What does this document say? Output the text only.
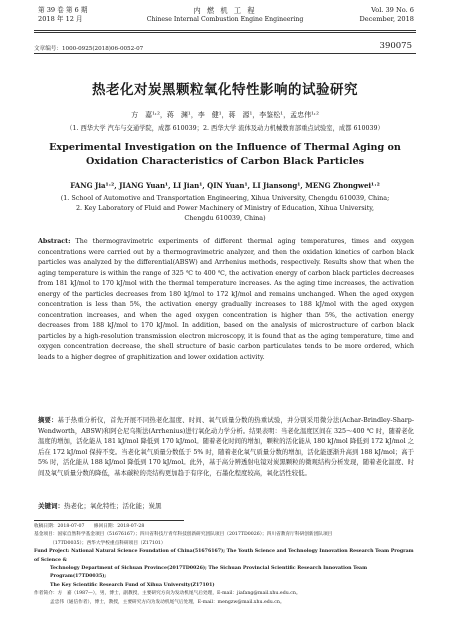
第 39 卷 第 6 期
2018 年 12 月
内 燃 机 工 程
Chinese Internal Combustion Engine Engineering
Vol. 39 No. 6
December, 2018
文章编号：1000-0925(2018)06-0052-07	390075
热老化对炭黑颗粒氧化特性影响的试验研究
方　嘉¹˒²，蒋　渊¹，李　健¹，蒋　源¹，李鉴松¹，孟忠伟¹˒²
（1. 西华大学 汽车与交通学院，成都 610039；2. 西华大学 流体及动力机械教育部重点试验室，成都 610039）
Experimental Investigation on the Influence of Thermal Aging on
Oxidation Characteristics of Carbon Black Particles
FANG Jia¹˒², JIANG Yuan¹, LI Jian¹, QIN Yuan¹, LI Jiansong¹, MENG Zhongwei¹˒²
(1. School of Automotive and Transportation Engineering, Xihua University, Chengdu 610039, China;
2. Key Laboratory of Fluid and Power Machinery of Ministry of Education, Xihua University,
Chengdu 610039, China)
Abstract: The thermogravimetric experiments of different thermal aging temperatures, times and oxygen concentrations were carried out by a thermogravimetric analyzer, and then the oxidation kinetics of carbon black particles was analyzed by the differential(ABSW) and Arrhenius methods, respectively. Results show that when the aging temperature is within the range of 325 ℃ to 400 ℃, the activation energy of carbon black particles decreases from 181 kJ/mol to 170 kJ/mol with the thermal temperature increases. As the aging time increases, the activation energy of the particles decreases from 180 kJ/mol to 172 kJ/mol and remains unchanged. When the aged oxygen concentration is less than 5%, the activation energy gradually increases to 188 kJ/mol with the aged oxygen concentration increases, and when the aged oxygen concentration is higher than 5%, the activation energy decreases from 188 kJ/mol to 170 kJ/mol. In addition, based on the analysis of microstructure of carbon black particles by a high-resolution transmission electron microscopy, it is found that as the aging temperature, time and oxygen concentration decrease, the shell structure of basic carbon particulates tends to be more ordered, which leads to a higher degree of graphitization and lower oxidation activity.
摘要：基于热重分析仪，首先开展不同热老化温度、时间、氧气质量分数的热重试验，并分别采用微分法(Achar-Brindley-Sharp-Wendworth，ABSW)和阿仑尼乌斯法(Arrhenius)进行氧化动力学分析。结果表明：当老化温度区间在 325～400 ℃ 时，随着老化温度的增加，活化能从 181 kJ/mol 降低到 170 kJ/mol。随着老化时间的增加，颗粒的活化能从 180 kJ/mol 降低到 172 kJ/mol 之后在 172 kJ/mol 保持不变。当老化氧气质量分数低于 5% 时，随着老化氧气质量分数的增加，活化能逐渐升高到 188 kJ/mol；高于 5% 时，活化能从 188 kJ/mol 降低到 170 kJ/mol。此外，基于高分辨透射电镜对炭黑颗粒的微观结构分析发现，随着老化温度、时间及氧气质量分数的降低，基本碳粒的壳结构更加趋于有序化，石墨化程度较高，氧化活性较低。
关键词：热老化；氧化特性；活化能；炭黑
收稿日期：2018-07-07　　修回日期：2018-07-28
基金项目：国家自然科学基金项目（51676167）；四川省科技厅青年科技创新研究团队项目（2017TD0026）；四川省教育厅科研创新团队项目
（17TD0035）；西华大学校重点科研项目（Z17101）
Fund Project: National Natural Science Foundation of China(51676167); The Youth Science and Technology Innovation Research Team Program of Science &
Technology Department of Sichuan Province(2017TD0026); The Sichuan Provincial Scientific Research Innovation Team Program(17TD0035);
The Key Scientific Research Fund of Xihua University(Z17101)
作者简介：方　嘉（1987—），男，博士，副教授，主要研究方向为发动机尾气后处理，E-mail：jiafang@mail.xhu.edu.cn。
孟忠伟（通信作者），博士，教授，主要研究方向为发动机尾气后处理，E-mail：mengzw@mail.xhu.edu.cn。
